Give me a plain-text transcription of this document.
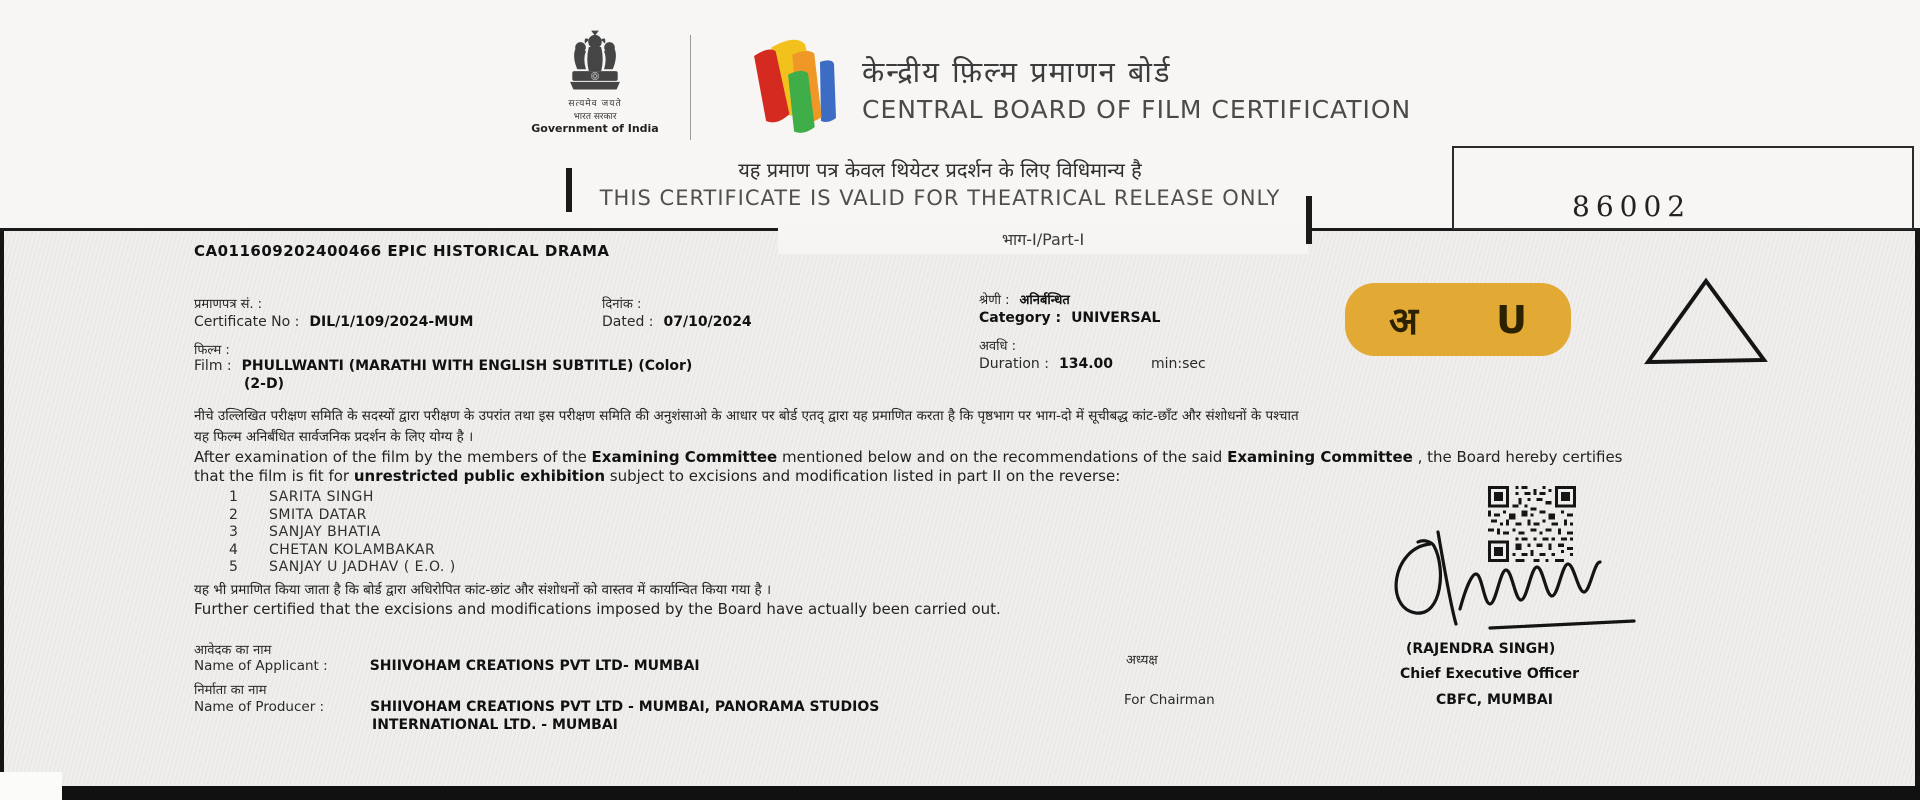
सत्यमेव जयते
भारत सरकार
Government of India
केन्द्रीय फ़िल्म प्रमाणन बोर्ड
CENTRAL BOARD OF FILM CERTIFICATION
यह प्रमाण पत्र केवल थियेटर प्रदर्शन के लिए विधिमान्य है
THIS CERTIFICATE IS VALID FOR THEATRICAL RELEASE ONLY
भाग-I/Part-I
86002
CA011609202400466 EPIC HISTORICAL DRAMA
प्रमाणपत्र सं. :
Certificate No : DIL/1/109/2024-MUM
दिनांक :
Dated : 07/10/2024
श्रेणी : अनिर्बन्धित
Category : UNIVERSAL
फिल्म :
Film : PHULLWANTI (MARATHI WITH ENGLISH SUBTITLE) (Color)
(2-D)
अवधि :
Duration : 134.00	min:sec
नीचे उल्लिखित परीक्षण समिति के सदस्यों द्वारा परीक्षण के उपरांत तथा इस परीक्षण समिति की अनुशंसाओ के आधार पर बोर्ड एतद् द्वारा यह प्रमाणित करता है कि पृष्ठभाग पर भाग-दो में सूचीबद्ध कांट-छाँट और संशोधनों के पश्चात
यह फिल्म अनिर्बंधित सार्वजनिक प्रदर्शन के लिए योग्य है ।
After examination of the film by the members of the Examining Committee mentioned below and on the recommendations of the said Examining Committee , the Board hereby certifies
that the film is fit for unrestricted public exhibition subject to excisions and modification listed in part II on the reverse:
1 SARITA SINGH
2 SMITA DATAR
3 SANJAY BHATIA
4 CHETAN KOLAMBAKAR
5 SANJAY U JADHAV ( E.O. )
यह भी प्रमाणित किया जाता है कि बोर्ड द्वारा अधिरोपित कांट-छांट और संशोधनों को वास्तव में कार्यान्वित किया गया है ।
Further certified that the excisions and modifications imposed by the Board have actually been carried out.
आवेदक का नाम
Name of Applicant :	SHIIVOHAM CREATIONS PVT LTD- MUMBAI
निर्माता का नाम
Name of Producer :	SHIIVOHAM CREATIONS PVT LTD - MUMBAI, PANORAMA STUDIOS
INTERNATIONAL LTD. - MUMBAI
अध्यक्ष
For Chairman
(RAJENDRA SINGH)
Chief Executive Officer
CBFC, MUMBAI
अ U
